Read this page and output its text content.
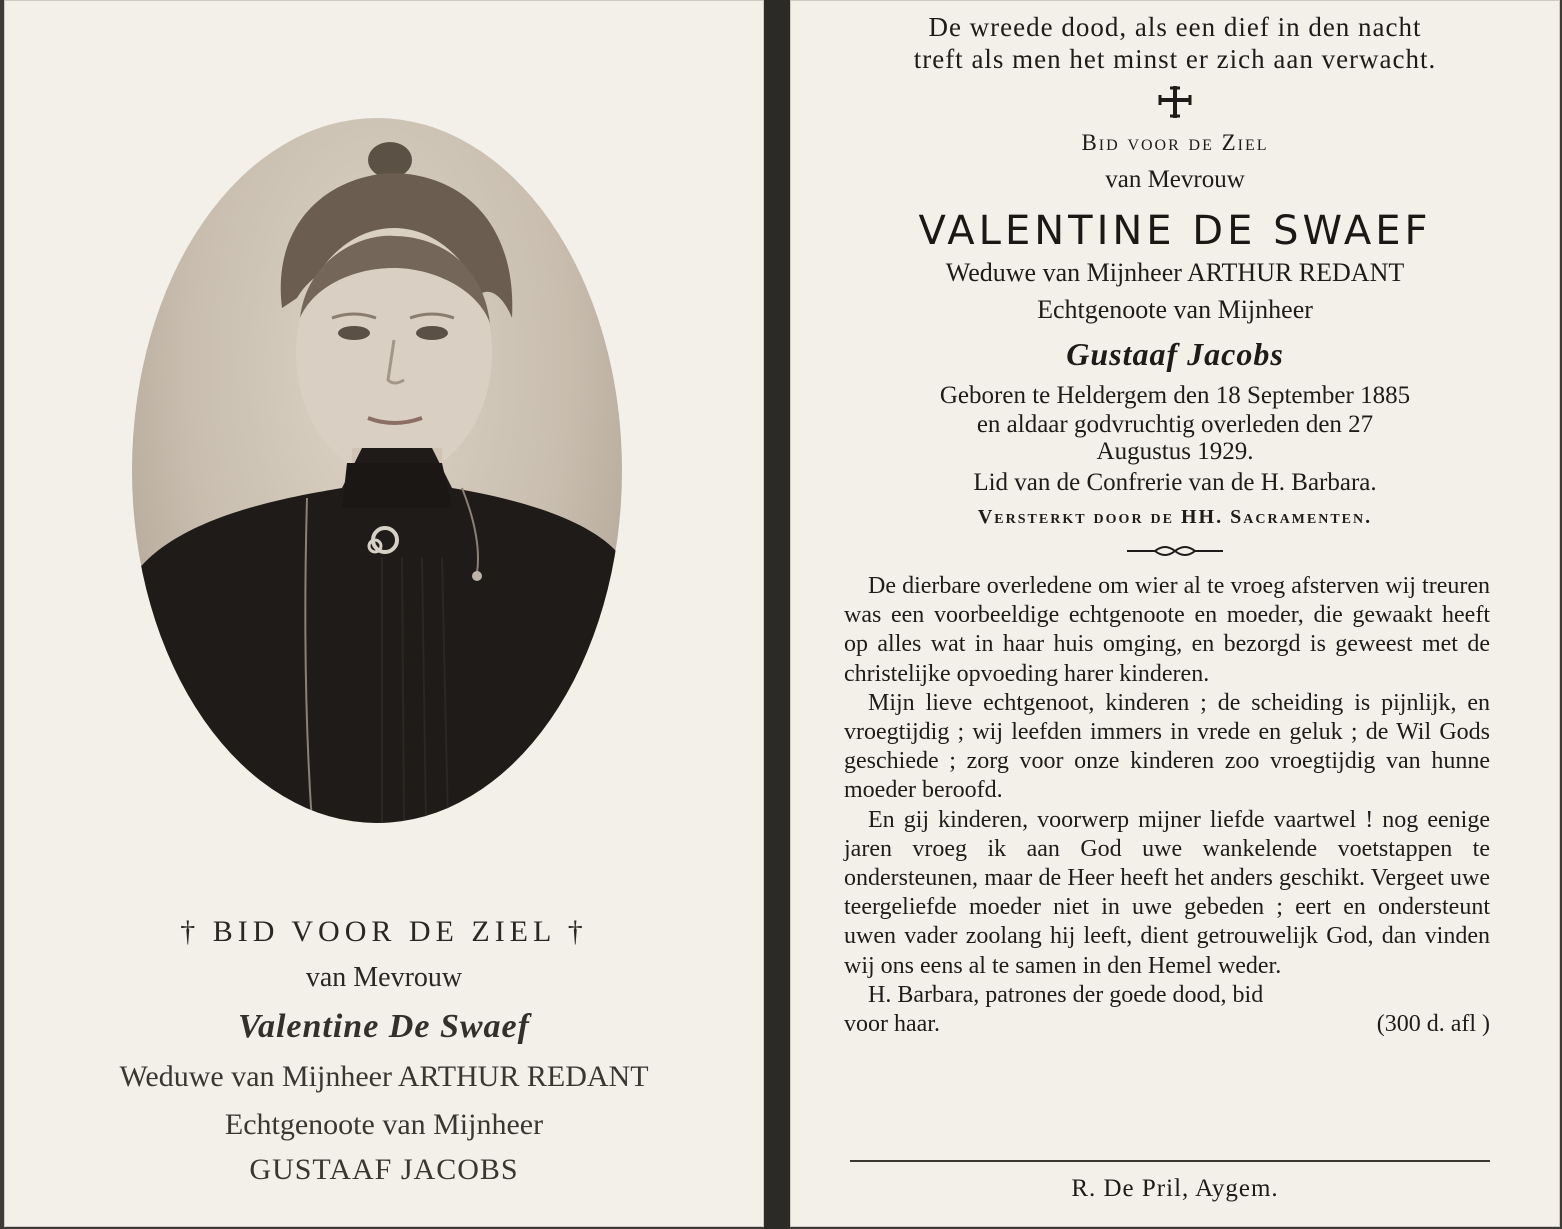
† BID VOOR DE ZIEL †
van Mevrouw
Valentine De Swaef
Weduwe van Mijnheer ARTHUR REDANT
Echtgenoote van Mijnheer
GUSTAAF JACOBS
De wreede dood, als een dief in den nacht
treft als men het minst er zich aan verwacht.
Bid voor de Ziel
van Mevrouw
VALENTINE DE SWAEF
Weduwe van Mijnheer ARTHUR REDANT
Echtgenoote van Mijnheer
Gustaaf Jacobs
Geboren te Heldergem den 18 September 1885
en aldaar godvruchtig overleden den 27
Augustus 1929.
Lid van de Confrerie van de H. Barbara.
Versterkt door de HH. Sacramenten.

De dierbare overledene om wier al te vroeg afsterven wij treuren was een voorbeeldige echtgenoote en moeder, die gewaakt heeft op alles wat in haar huis omging, en bezorgd is geweest met de christelijke opvoeding harer kinderen.

Mijn lieve echtgenoot, kinderen ; de scheiding is pijnlijk, en vroegtijdig ; wij leefden immers in vrede en geluk ; de Wil Gods geschiede ; zorg voor onze kinderen zoo vroegtijdig van hunne moeder beroofd.

En gij kinderen, voorwerp mijner liefde vaartwel ! nog eenige jaren vroeg ik aan God uwe wankelende voetstappen te ondersteunen, maar de Heer heeft het anders geschikt. Vergeet uwe teergeliefde moeder niet in uwe gebeden ; eert en ondersteunt uwen vader zoolang hij leeft, dient getrouwelijk God, dan vinden wij ons eens al te samen in den Hemel weder.

H. Barbara, patrones der goede dood, bid

voor haar.	(300 d. afl )
R. De Pril, Aygem.
